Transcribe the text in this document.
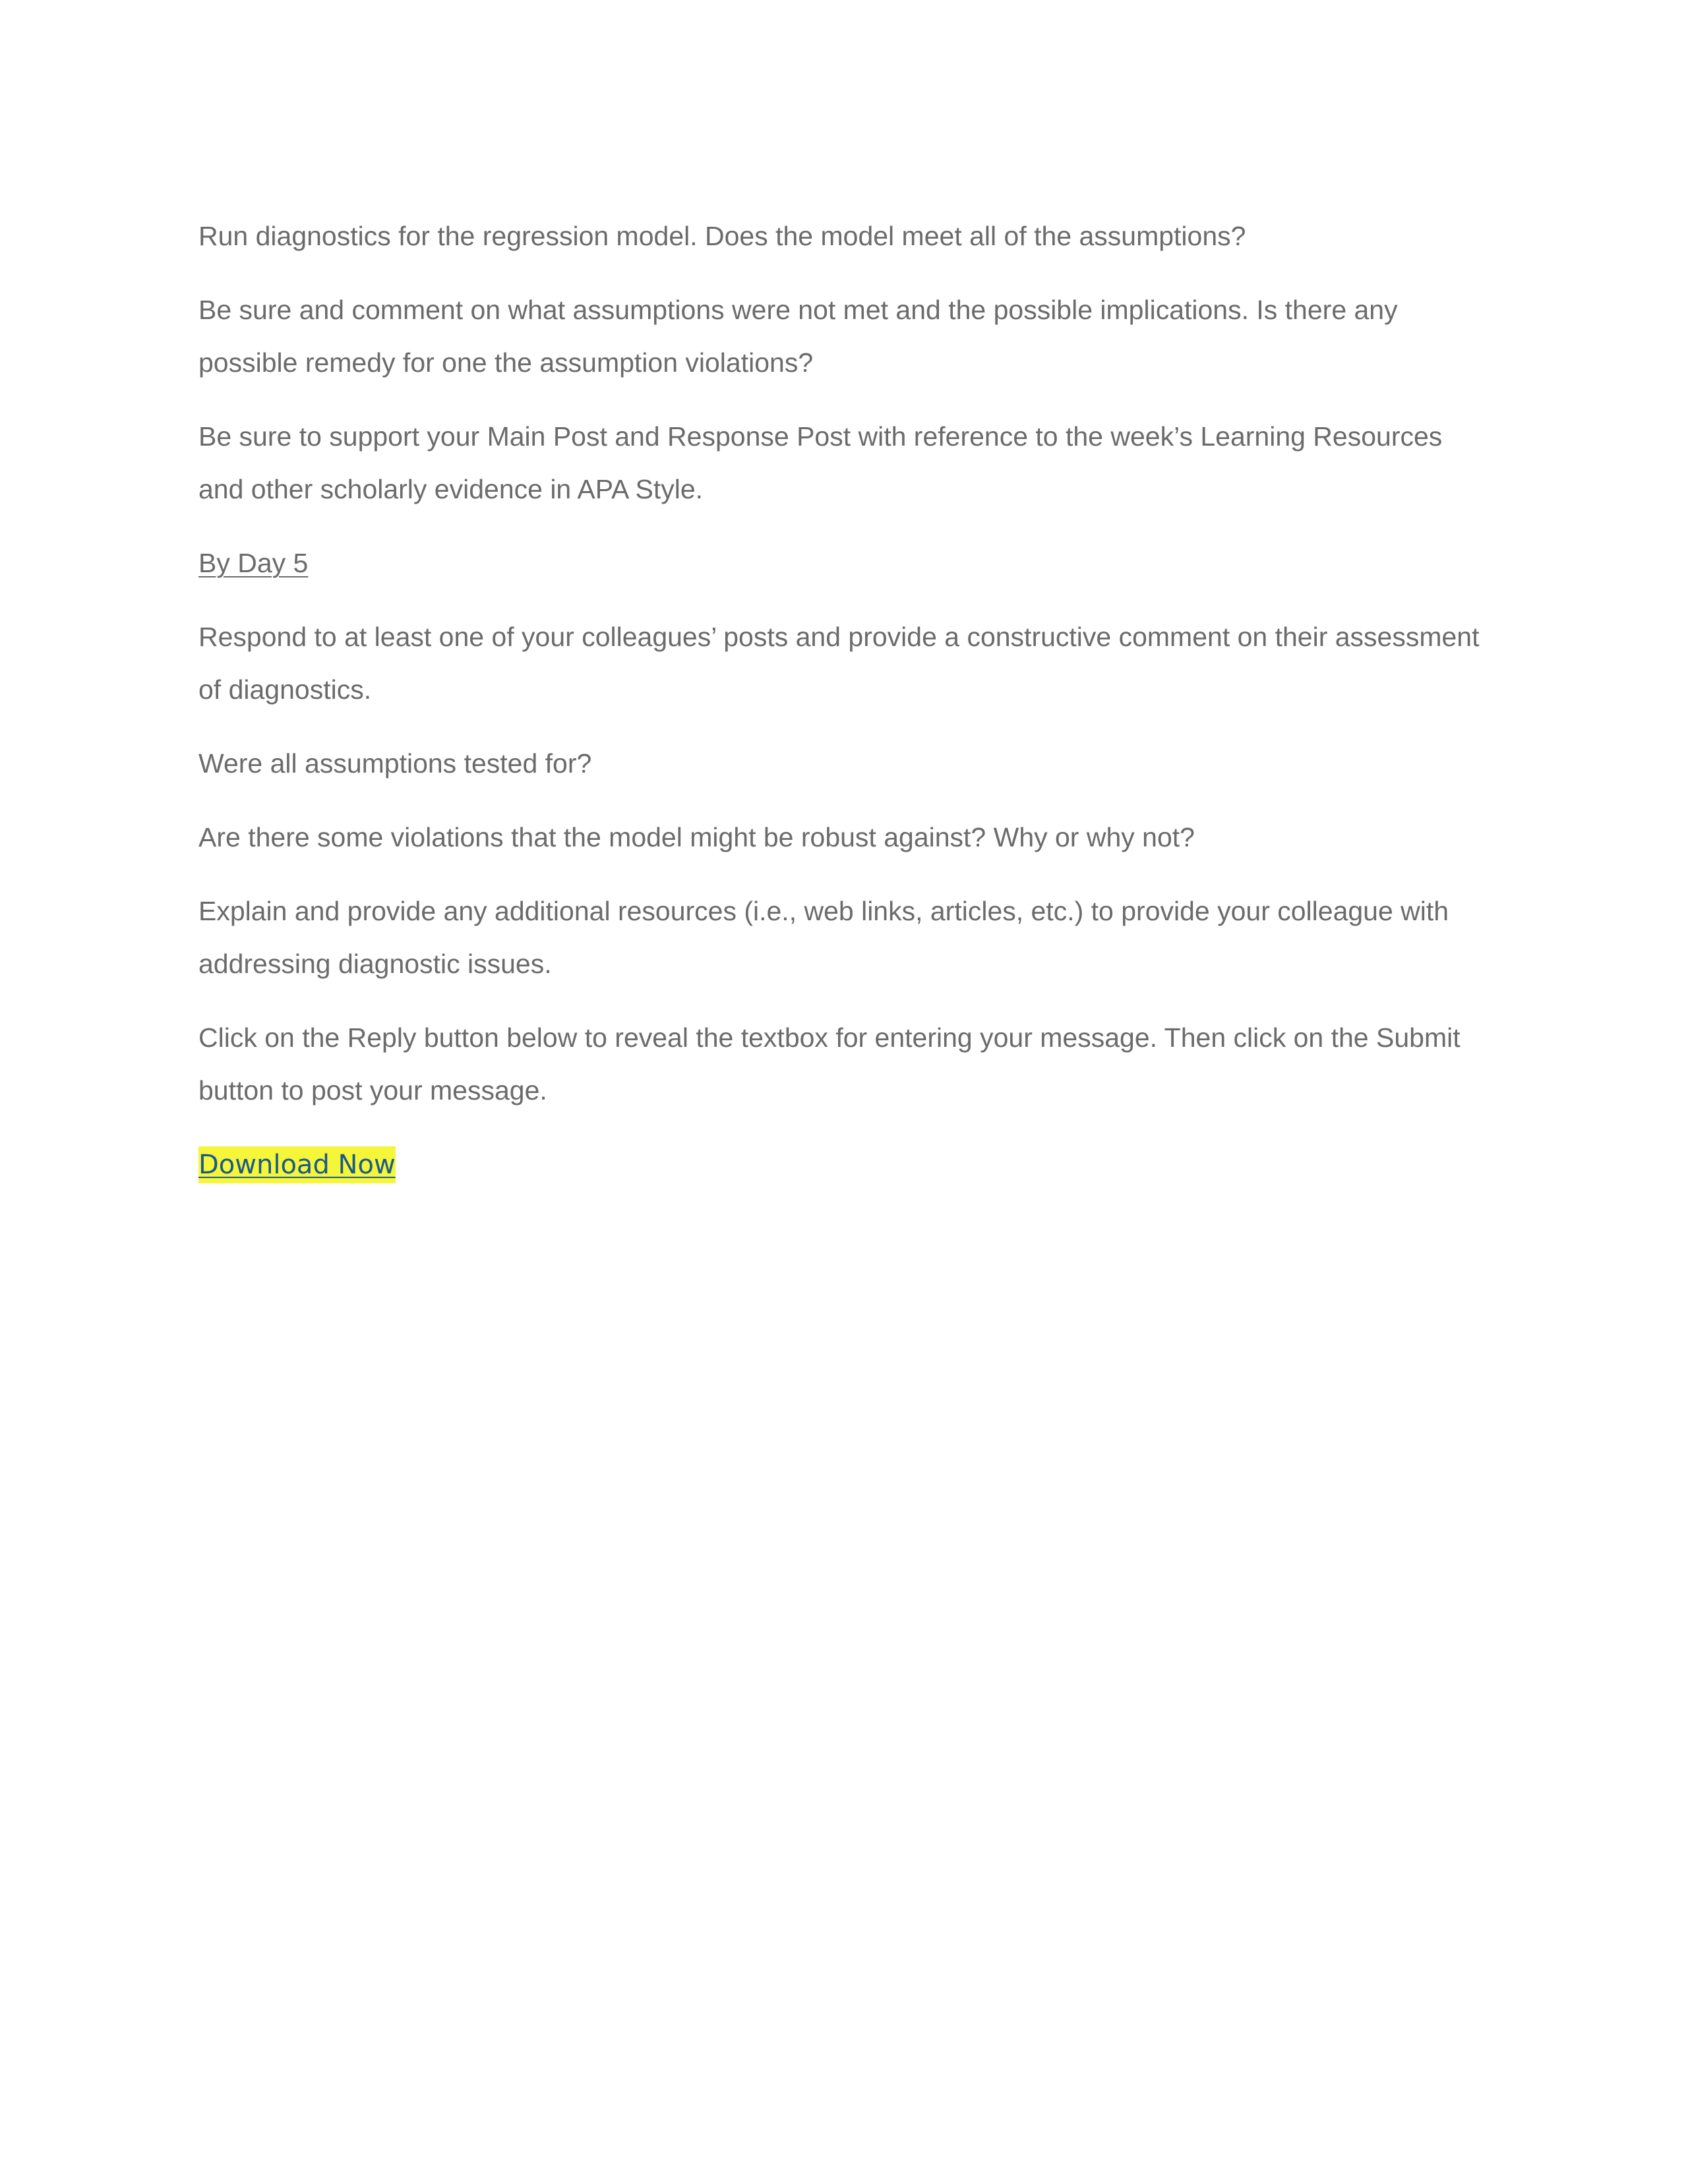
Run diagnostics for the regression model. Does the model meet all of the assumptions?

Be sure and comment on what assumptions were not met and the possible implications. Is there any possible remedy for one the assumption violations?

Be sure to support your Main Post and Response Post with reference to the week’s Learning Resources and other scholarly evidence in APA Style.

By Day 5

Respond to at least one of your colleagues’ posts and provide a constructive comment on their assessment of diagnostics.

Were all assumptions tested for?

Are there some violations that the model might be robust against? Why or why not?

Explain and provide any additional resources (i.e., web links, articles, etc.) to provide your colleague with addressing diagnostic issues.

Click on the Reply button below to reveal the textbox for entering your message. Then click on the Submit button to post your message.

Download Now
